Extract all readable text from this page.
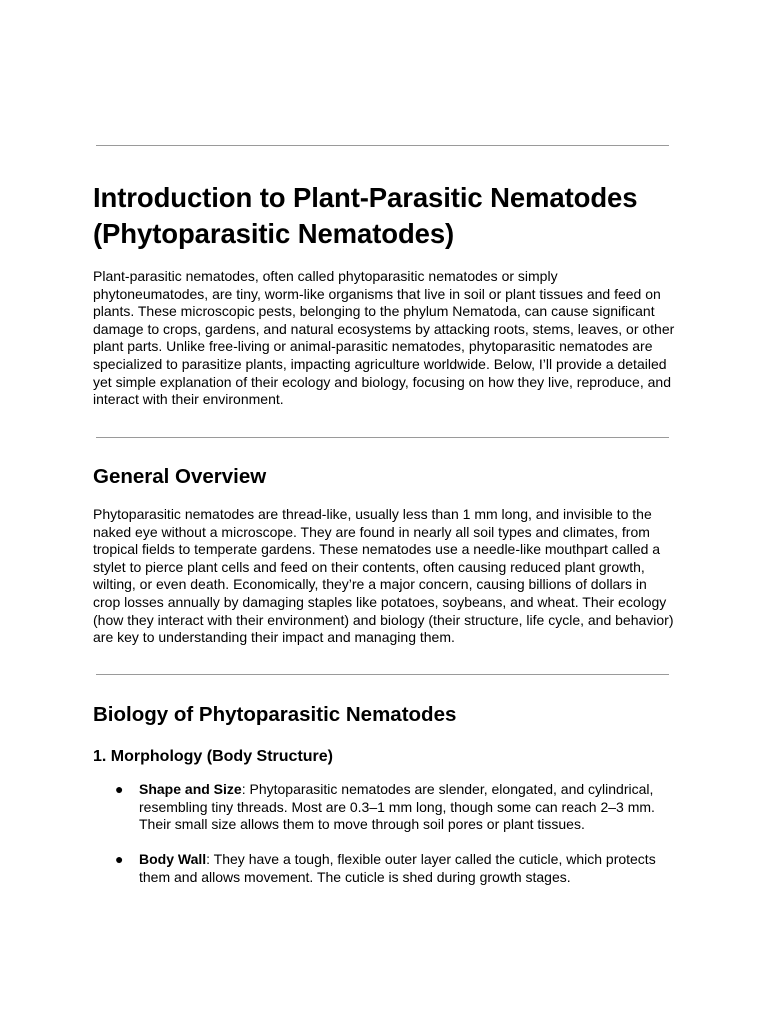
Introduction to Plant-Parasitic Nematodes (Phytoparasitic Nematodes)

Plant-parasitic nematodes, often called phytoparasitic nematodes or simply phytoneumatodes, are tiny, worm-like organisms that live in soil or plant tissues and feed on plants. These microscopic pests, belonging to the phylum Nematoda, can cause significant damage to crops, gardens, and natural ecosystems by attacking roots, stems, leaves, or other plant parts. Unlike free-living or animal-parasitic nematodes, phytoparasitic nematodes are specialized to parasitize plants, impacting agriculture worldwide. Below, I’ll provide a detailed yet simple explanation of their ecology and biology, focusing on how they live, reproduce, and interact with their environment.

General Overview

Phytoparasitic nematodes are thread-like, usually less than 1 mm long, and invisible to the naked eye without a microscope. They are found in nearly all soil types and climates, from tropical fields to temperate gardens. These nematodes use a needle-like mouthpart called a stylet to pierce plant cells and feed on their contents, often causing reduced plant growth, wilting, or even death. Economically, they’re a major concern, causing billions of dollars in crop losses annually by damaging staples like potatoes, soybeans, and wheat. Their ecology (how they interact with their environment) and biology (their structure, life cycle, and behavior) are key to understanding their impact and managing them.

Biology of Phytoparasitic Nematodes
1. Morphology (Body Structure)
● Shape and Size: Phytoparasitic nematodes are slender, elongated, and cylindrical, resembling tiny threads. Most are 0.3–1 mm long, though some can reach 2–3 mm. Their small size allows them to move through soil pores or plant tissues.
● Body Wall: They have a tough, flexible outer layer called the cuticle, which protects them and allows movement. The cuticle is shed during growth stages.
